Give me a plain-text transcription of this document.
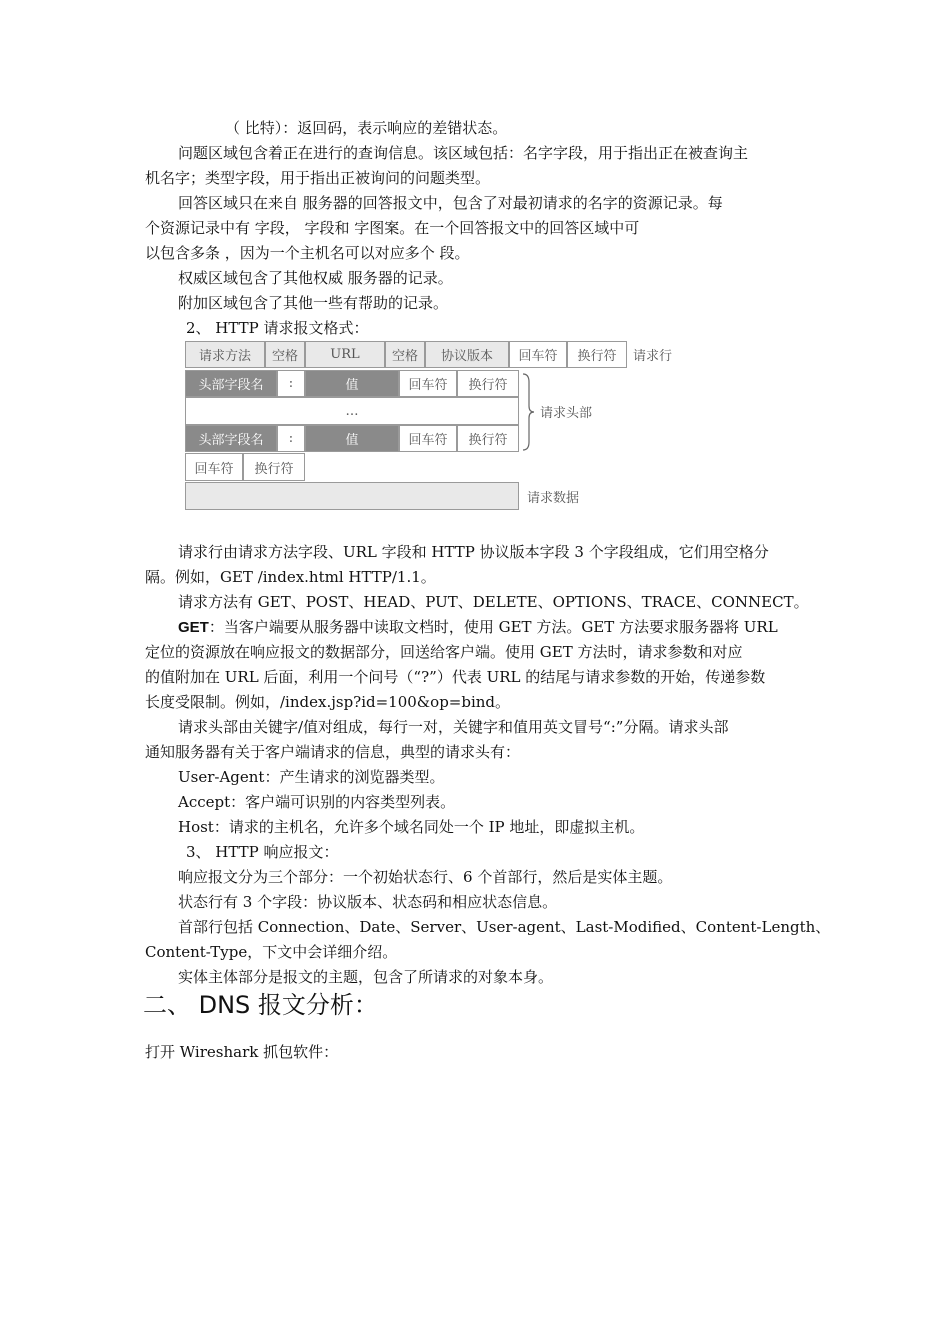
（ 比特）：返回码，表示响应的差错状态。
问题区域包含着正在进行的查询信息。该区域包括：名字字段，用于指出正在被查询主
机名字；类型字段，用于指出正被询问的问题类型。
回答区域只在来自 服务器的回答报文中，包含了对最初请求的名字的资源记录。每
个资源记录中有 字段， 字段和 字图案。在一个回答报文中的回答区域中可
以包含多条 ，因为一个主机名可以对应多个 段。
权威区域包含了其他权威 服务器的记录。
附加区域包含了其他一些有帮助的记录。
2、 HTTP 请求报文格式：
请求方法	空格	URL	空格	协议版本	回车符	换行符	请求行
头部字段名	:	值	回车符	换行符
…
头部字段名	:	值	回车符	换行符
请求头部
回车符	换行符
请求数据
请求行由请求方法字段、URL 字段和 HTTP 协议版本字段 3 个字段组成，它们用空格分
隔。例如，GET /index.html HTTP/1.1。
请求方法有 GET、POST、HEAD、PUT、DELETE、OPTIONS、TRACE、CONNECT。
GET：当客户端要从服务器中读取文档时，使用 GET 方法。GET 方法要求服务器将 URL
定位的资源放在响应报文的数据部分，回送给客户端。使用 GET 方法时，请求参数和对应
的值附加在 URL 后面，利用一个问号（“?”）代表 URL 的结尾与请求参数的开始，传递参数
长度受限制。例如，/index.jsp?id=100&op=bind。
请求头部由关键字/值对组成，每行一对，关键字和值用英文冒号“:”分隔。请求头部
通知服务器有关于客户端请求的信息，典型的请求头有：
User-Agent：产生请求的浏览器类型。
Accept：客户端可识别的内容类型列表。
Host：请求的主机名，允许多个域名同处一个 IP 地址，即虚拟主机。
3、 HTTP 响应报文：
响应报文分为三个部分：一个初始状态行、6 个首部行，然后是实体主题。
状态行有 3 个字段：协议版本、状态码和相应状态信息。
首部行包括 Connection、Date、Server、User-agent、Last-Modified、Content-Length、
Content-Type，下文中会详细介绍。
实体主体部分是报文的主题，包含了所请求的对象本身。
二、 DNS 报文分析：
打开 Wireshark 抓包软件：
